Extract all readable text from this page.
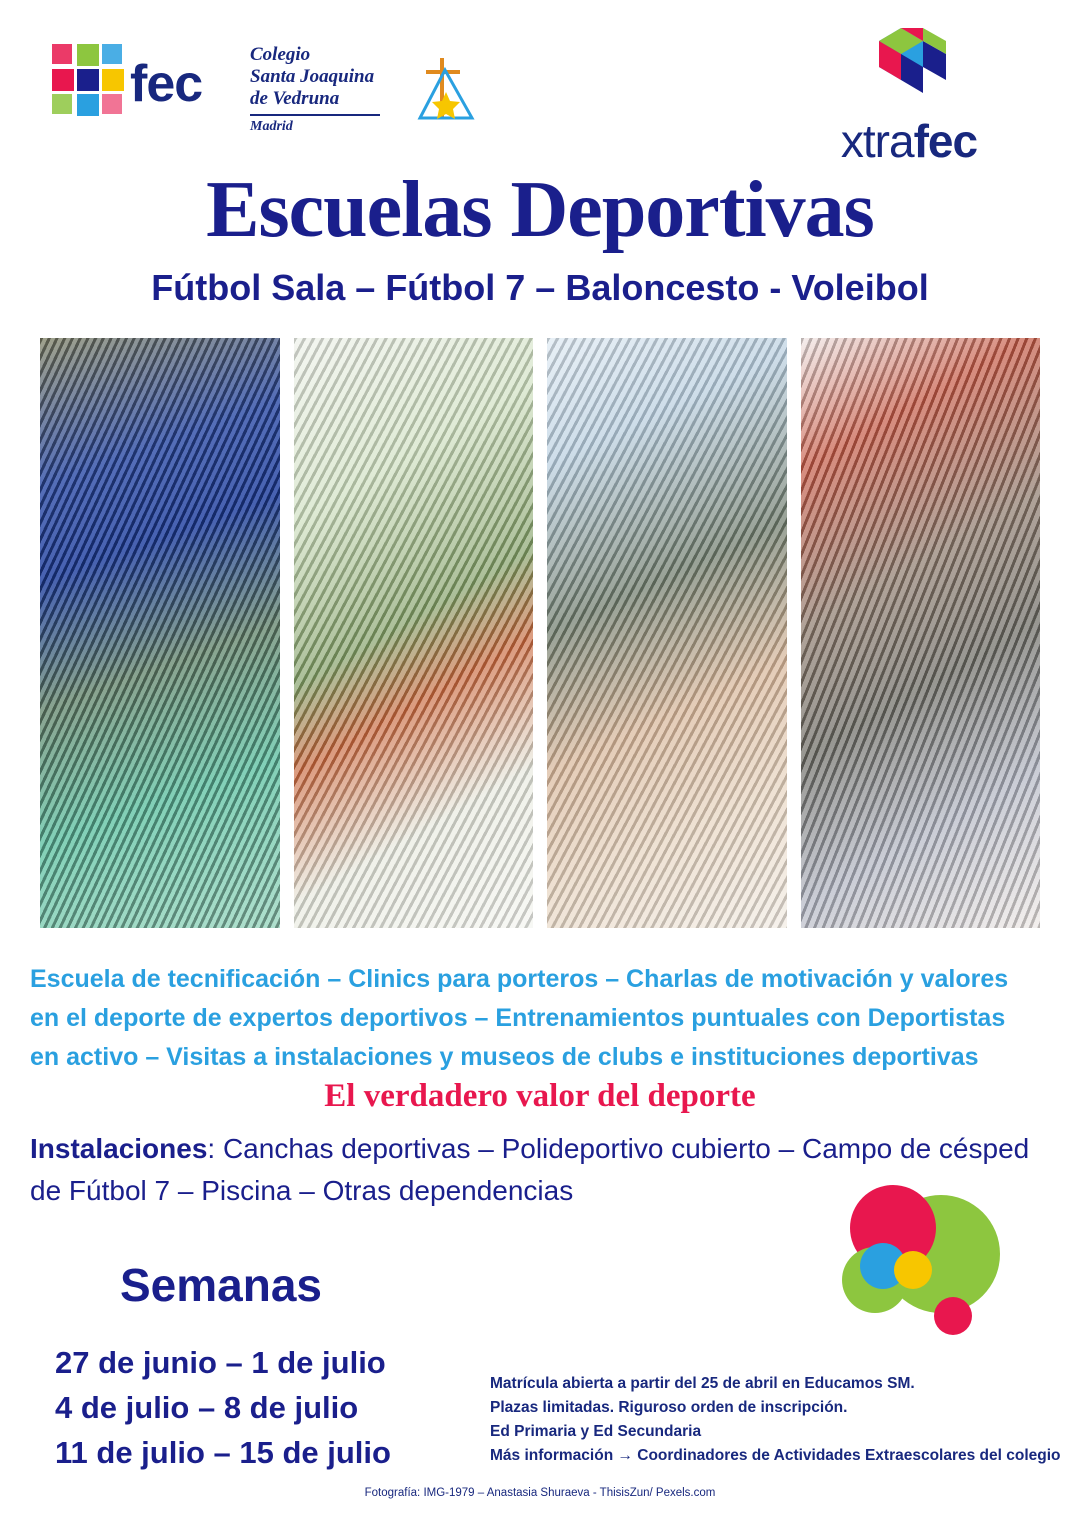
fec
Colegio
Santa Joaquina
de Vedruna
Madrid	xtrafec
Escuelas Deportivas
Fútbol Sala – Fútbol 7 – Baloncesto - Voleibol
Escuela de tecnificación – Clinics para porteros – Charlas de motivación y valores
en el deporte de expertos deportivos – Entrenamientos puntuales con Deportistas
en activo – Visitas a instalaciones y museos de clubs e instituciones deportivas
El verdadero valor del deporte
Instalaciones: Canchas deportivas – Polideportivo cubierto – Campo de césped de Fútbol 7 – Piscina – Otras dependencias
Semanas
27 de junio – 1 de julio
4 de julio – 8 de julio
11 de julio – 15 de julio
Matrícula abierta a partir del 25 de abril en Educamos SM.
Plazas limitadas. Riguroso orden de inscripción.
Ed Primaria y Ed Secundaria
Más información → Coordinadores de Actividades Extraescolares del colegio
Fotografía: IMG-1979 – Anastasia Shuraeva - ThisisZun/ Pexels.com
